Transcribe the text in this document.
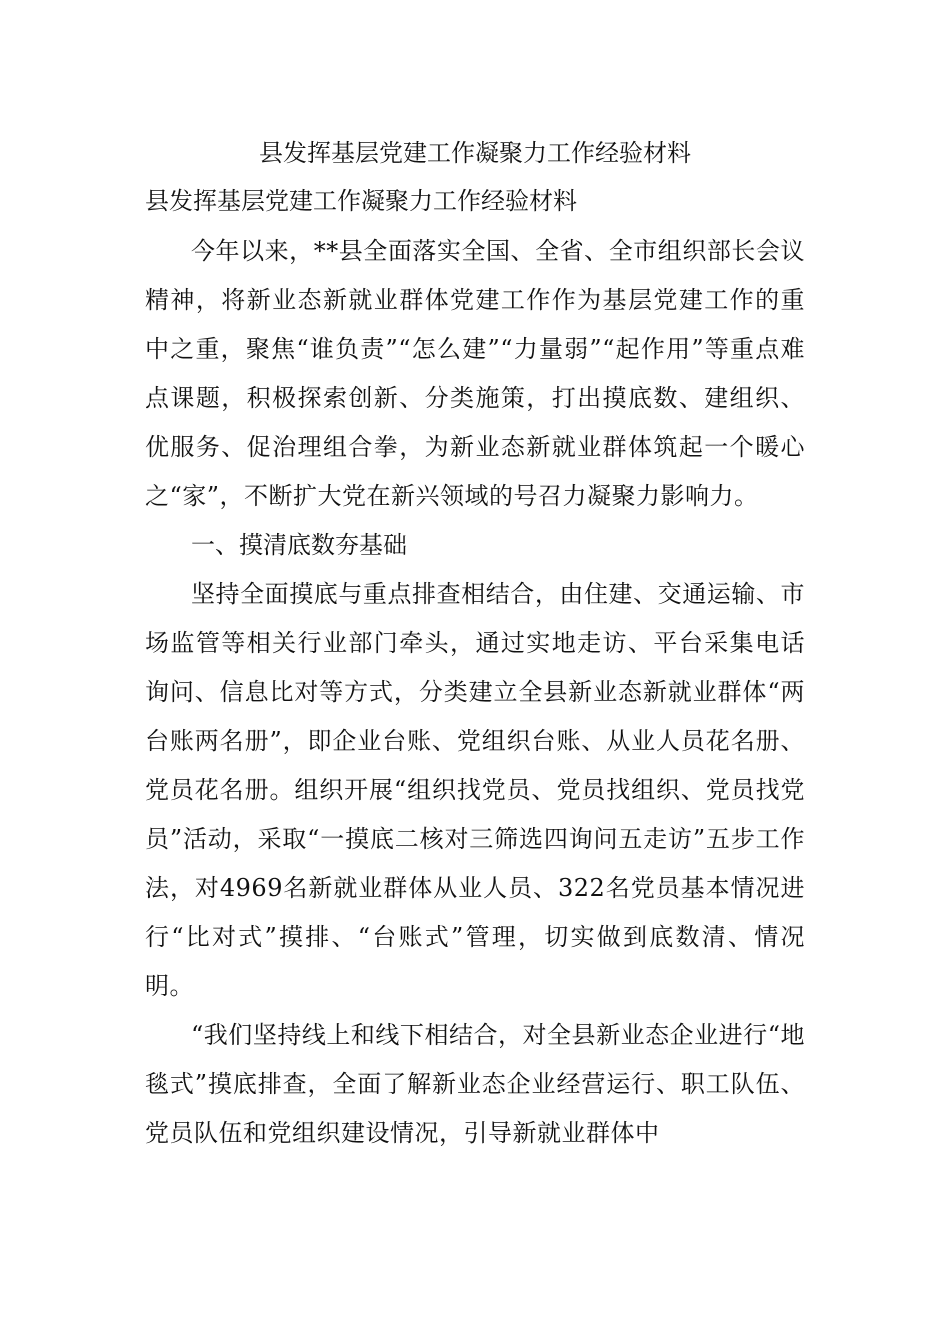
县发挥基层党建工作凝聚力工作经验材料
县发挥基层党建工作凝聚力工作经验材料

今年以来，**县全面落实全国、全省、全市组织部长会议精神，将新业态新就业群体党建工作作为基层党建工作的重中之重，聚焦“谁负责”“怎么建”“力量弱”“起作用”等重点难点课题，积极探索创新、分类施策，打出摸底数、建组织、优服务、促治理组合拳，为新业态新就业群体筑起一个暖心之“家”，不断扩大党在新兴领域的号召力凝聚力影响力。

一、摸清底数夯基础

坚持全面摸底与重点排查相结合，由住建、交通运输、市场监管等相关行业部门牵头，通过实地走访、平台采集电话询问、信息比对等方式，分类建立全县新业态新就业群体“两台账两名册”，即企业台账、党组织台账、从业人员花名册、党员花名册。组织开展“组织找党员、党员找组织、党员找党员”活动，采取“一摸底二核对三筛选四询问五走访”五步工作法，对4969名新就业群体从业人员、322名党员基本情况进行“比对式”摸排、“台账式”管理，切实做到底数清、情况明。

“我们坚持线上和线下相结合，对全县新业态企业进行“地毯式”摸底排查，全面了解新业态企业经营运行、职工队伍、党员队伍和党组织建设情况，引导新就业群体中
